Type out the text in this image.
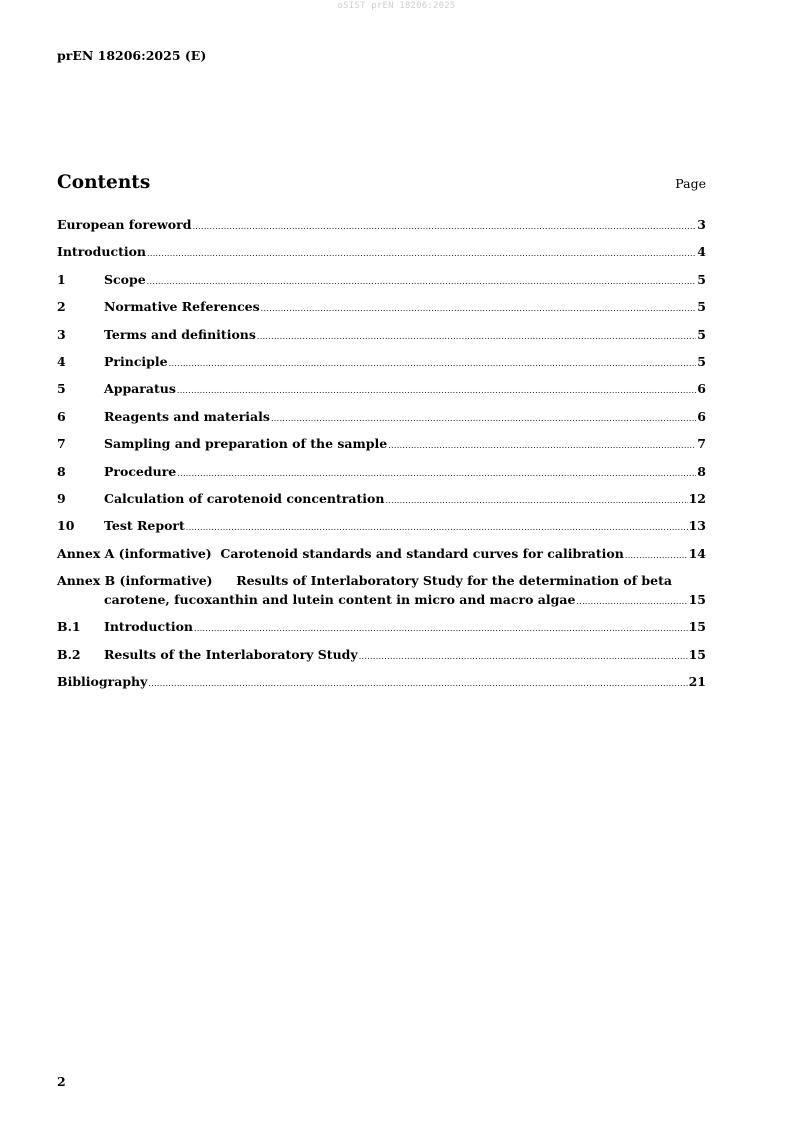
oSIST prEN 18206:2025
prEN 18206:2025 (E)
Contents	Page
European foreword .....	3
Introduction .....	4
1	Scope .....	5
2	Normative References .....	5
3	Terms and definitions .....	5
4	Principle .....	5
5	Apparatus .....	6
6	Reagents and materials .....	6
7	Sampling and preparation of the sample .....	7
8	Procedure .....	8
9	Calculation of carotenoid concentration .....	12
10	Test Report .....	13
Annex A (informative)  Carotenoid standards and standard curves for calibration .....	14
Annex B (informative) Results of Interlaboratory Study for the determination of beta
carotene, fucoxanthin and lutein content in micro and macro algae .....	15
B.1	Introduction .....	15
B.2	Results of the Interlaboratory Study .....	15
Bibliography .....	21
2
